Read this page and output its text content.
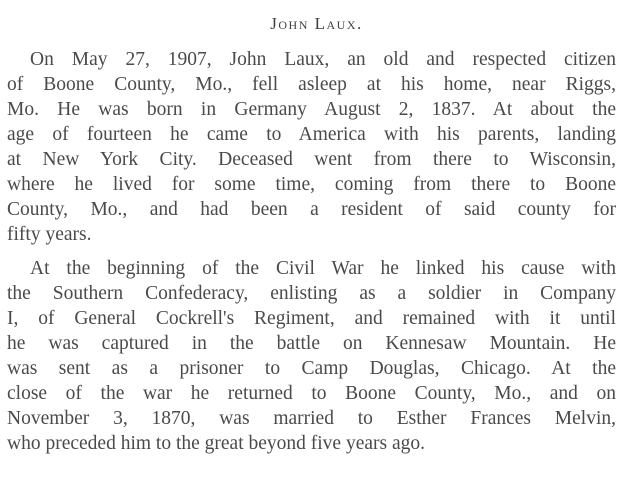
John Laux.
On May 27, 1907, John Laux, an old and respected citizen
of Boone County, Mo., fell asleep at his home, near Riggs,
Mo. He was born in Germany August 2, 1837. At about the
age of fourteen he came to America with his parents, landing
at New York City. Deceased went from there to Wisconsin,
where he lived for some time, coming from there to Boone
County, Mo., and had been a resident of said county for
fifty years.
At the beginning of the Civil War he linked his cause with
the Southern Confederacy, enlisting as a soldier in Company
I, of General Cockrell's Regiment, and remained with it until
he was captured in the battle on Kennesaw Mountain. He
was sent as a prisoner to Camp Douglas, Chicago. At the
close of the war he returned to Boone County, Mo., and on
November 3, 1870, was married to Esther Frances Melvin,
who preceded him to the great beyond five years ago.
